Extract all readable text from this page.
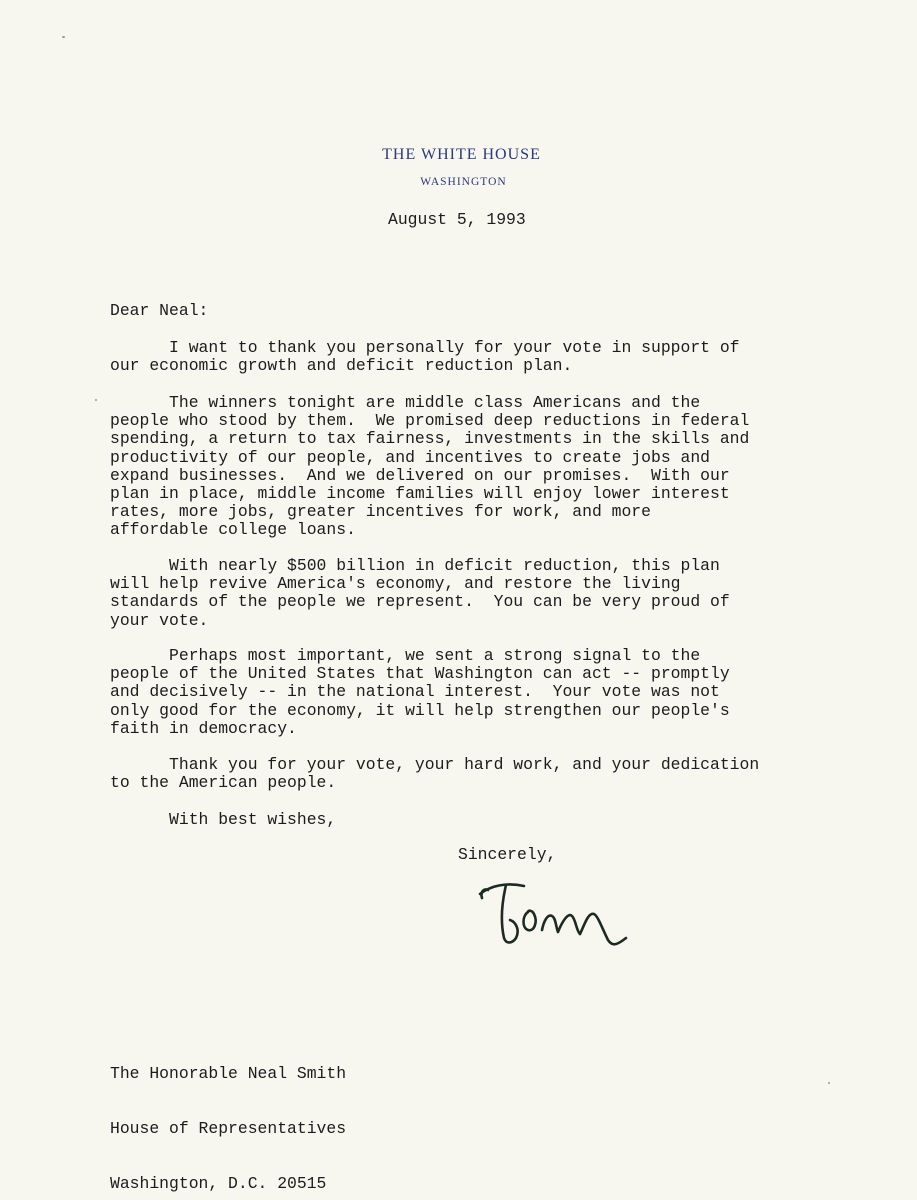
THE WHITE HOUSE
WASHINGTON
August 5, 1993
Dear Neal:
I want to thank you personally for your vote in support of
our economic growth and deficit reduction plan.
The winners tonight are middle class Americans and the
people who stood by them.  We promised deep reductions in federal
spending, a return to tax fairness, investments in the skills and
productivity of our people, and incentives to create jobs and
expand businesses.  And we delivered on our promises.  With our
plan in place, middle income families will enjoy lower interest
rates, more jobs, greater incentives for work, and more
affordable college loans.
With nearly $500 billion in deficit reduction, this plan
will help revive America's economy, and restore the living
standards of the people we represent.  You can be very proud of
your vote.
Perhaps most important, we sent a strong signal to the
people of the United States that Washington can act -- promptly
and decisively -- in the national interest.  Your vote was not
only good for the economy, it will help strengthen our people's
faith in democracy.
Thank you for your vote, your hard work, and your dedication
to the American people.
With best wishes,
Sincerely,

The Honorable Neal Smith

House of Representatives

Washington, D.C. 20515
